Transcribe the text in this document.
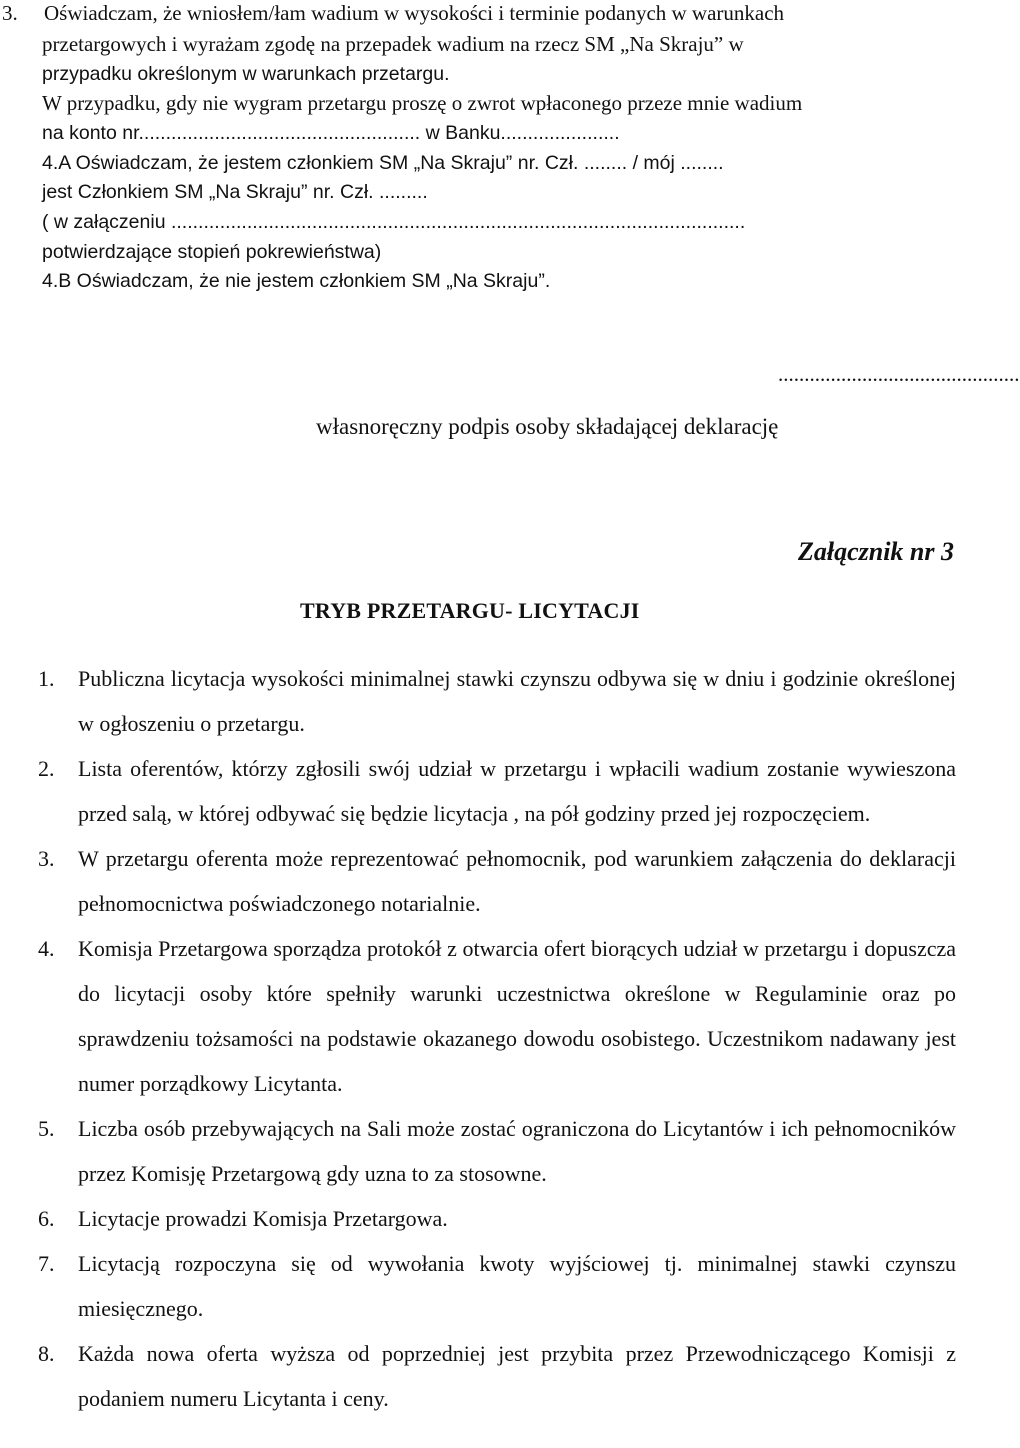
3. Oświadczam, że wniosłem/łam wadium w wysokości i terminie podanych w warunkach
przetargowych i wyrażam zgodę na przepadek wadium na rzecz SM „Na Skraju” w
przypadku określonym w warunkach przetargu.
W przypadku, gdy nie wygram przetargu proszę o zwrot wpłaconego przeze mnie wadium
na konto nr.................................................... w Banku......................
4.A Oświadczam, że jestem członkiem SM „Na Skraju” nr. Czł. ........ / mój ........
jest Członkiem SM „Na Skraju” nr. Czł. .........
( w załączeniu ..........................................................................................................
potwierdzające stopień pokrewieństwa)
4.B Oświadczam, że nie jestem członkiem SM „Na Skraju”.
..............................................
własnoręczny podpis osoby składającej deklarację
Załącznik nr 3
TRYB PRZETARGU- LICYTACJI
1. Publiczna licytacja wysokości minimalnej stawki czynszu odbywa się w dniu i godzinie określonej w ogłoszeniu o przetargu.
2. Lista oferentów, którzy zgłosili swój udział w przetargu i wpłacili wadium zostanie wywieszona przed salą, w której odbywać się będzie licytacja , na pół godziny przed jej rozpoczęciem.
3. W przetargu oferenta może reprezentować pełnomocnik, pod warunkiem załączenia do deklaracji pełnomocnictwa poświadczonego notarialnie.
4. Komisja Przetargowa sporządza protokół z otwarcia ofert biorących udział w przetargu i dopuszcza do licytacji osoby które spełniły warunki uczestnictwa określone w Regulaminie oraz po sprawdzeniu tożsamości na podstawie okazanego dowodu osobistego. Uczestnikom nadawany jest numer porządkowy Licytanta.
5. Liczba osób przebywających na Sali może zostać ograniczona do Licytantów i ich pełnomocników przez Komisję Przetargową gdy uzna to za stosowne.
6. Licytacje prowadzi Komisja Przetargowa.
7. Licytacją rozpoczyna się od wywołania kwoty wyjściowej tj. minimalnej stawki czynszu miesięcznego.
8. Każda nowa oferta wyższa od poprzedniej jest przybita przez Przewodniczącego Komisji z podaniem numeru Licytanta i ceny.
